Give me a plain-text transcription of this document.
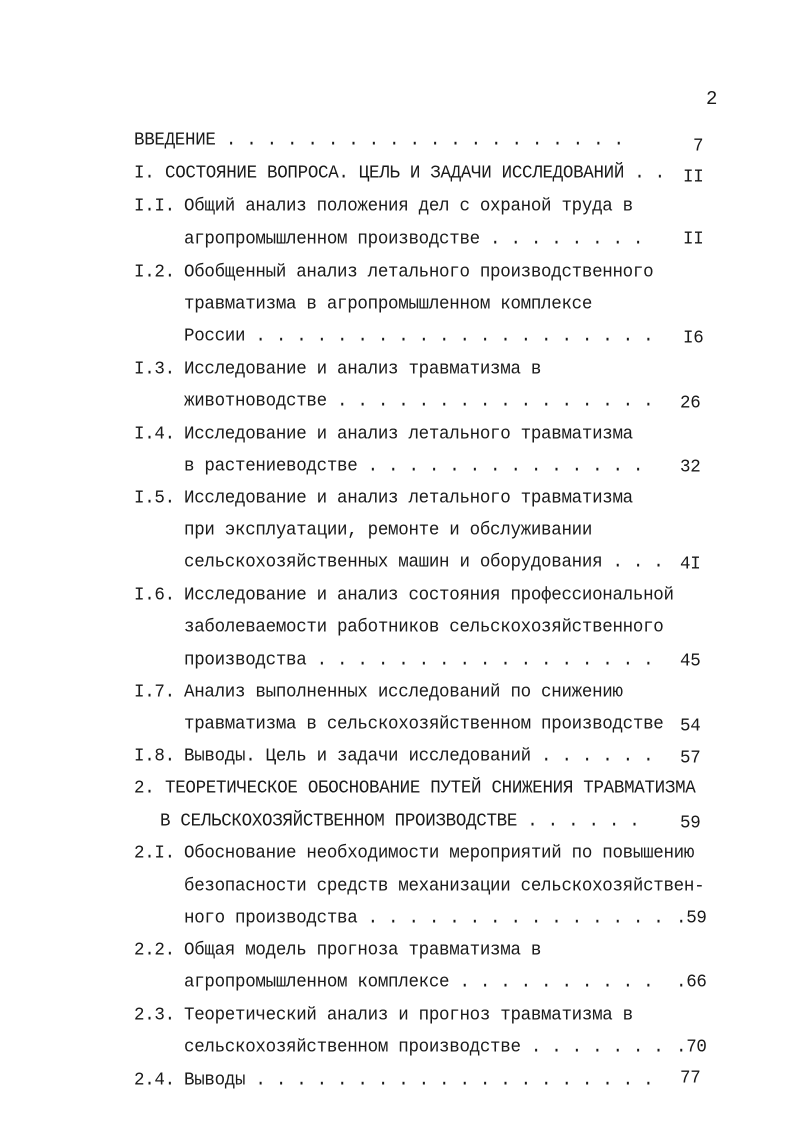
2
ВВЕДЕНИЕ . . . . . . . . . . . . . . . . . . . .	7
I. СОСТОЯНИЕ ВОПРОСА. ЦЕЛЬ И ЗАДАЧИ ИССЛЕДОВАНИЙ . . II
I.I. Общий анализ положения дел с охраной труда в
агропромышленном производстве . . . . . . . . II
I.2. Обобщенный анализ летального производственного
травматизма в агропромышленном комплексе
России . . . . . . . . . . . . . . . . . . . . I6
I.3. Исследование и анализ травматизма в
животноводстве . . . . . . . . . . . . . . . . 26
I.4. Исследование и анализ летального травматизма
в растениеводстве . . . . . . . . . . . . . . 32
I.5. Исследование и анализ летального травматизма
при эксплуатации, ремонте и обслуживании
сельскохозяйственных машин и оборудования . . . 4I
I.6. Исследование и анализ состояния профессиональной
заболеваемости работников сельскохозяйственного
производства . . . . . . . . . . . . . . . . . 45
I.7. Анализ выполненных исследований по снижению
травматизма в сельскохозяйственном производстве 54
I.8. Выводы. Цель и задачи исследований . . . . . . 57
2. ТЕОРЕТИЧЕСКОЕ ОБОСНОВАНИЕ ПУТЕЙ СНИЖЕНИЯ ТРАВМАТИЗМА
В СЕЛЬСКОХОЗЯЙСТВЕННОМ ПРОИЗВОДСТВЕ . . . . . . 59
2.I. Обоснование необходимости мероприятий по повышению
безопасности средств механизации сельскохозяйствен-
ного производства . . . . . . . . . . . . . . . .59
2.2. Общая модель прогноза травматизма в
агропромышленном комплексе . . . . . . . . . . .66
2.3. Теоретический анализ и прогноз травматизма в
сельскохозяйственном производстве . . . . . . . .70
2.4. Выводы . . . . . . . . . . . . . . . . . . . . 77
